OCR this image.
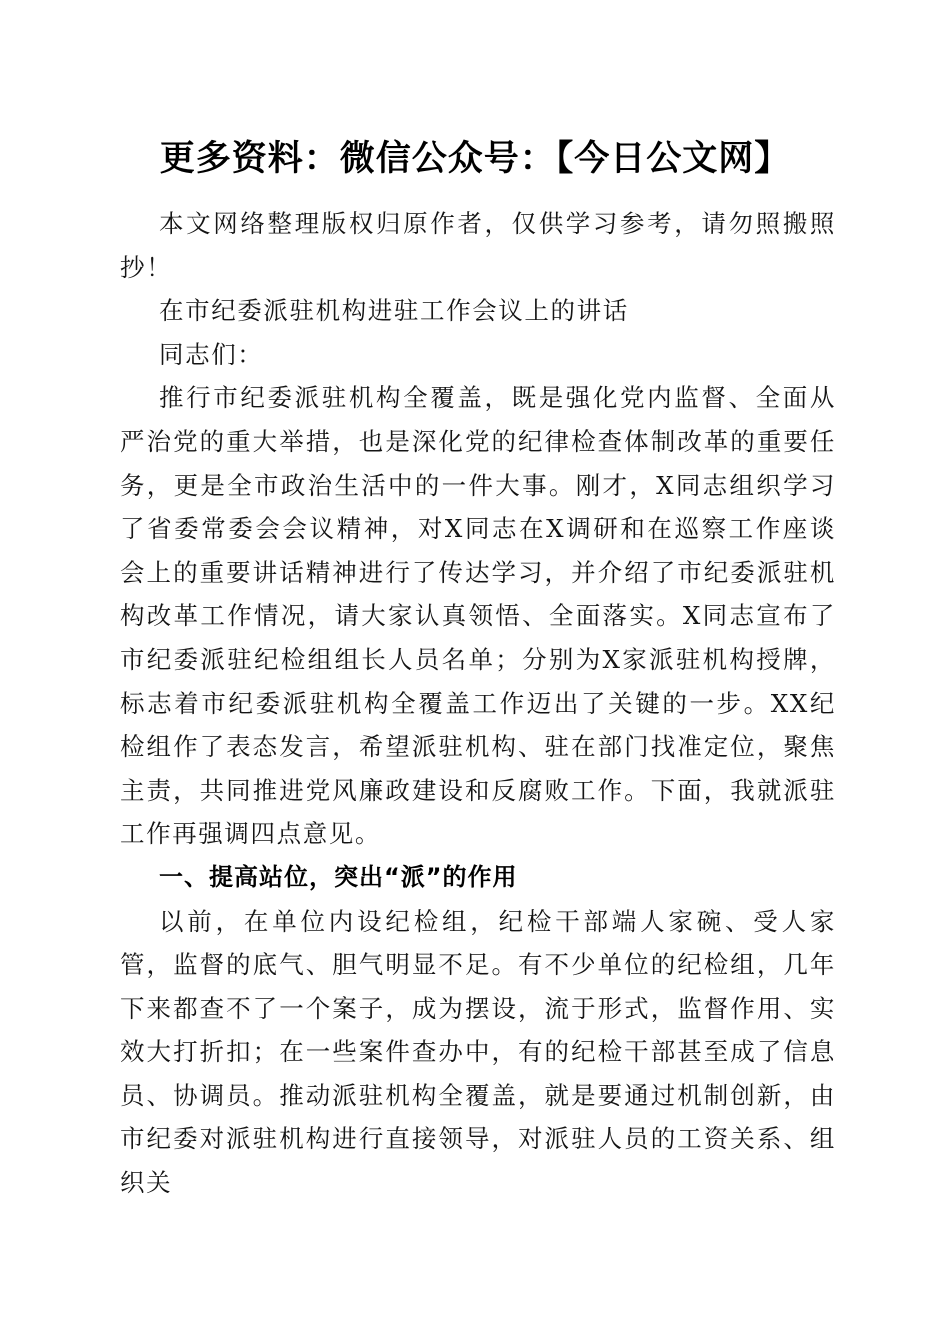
更多资料：微信公众号：【今日公文网】

本文网络整理版权归原作者，仅供学习参考，请勿照搬照抄！

在市纪委派驻机构进驻工作会议上的讲话

同志们：

推行市纪委派驻机构全覆盖，既是强化党内监督、全面从严治党的重大举措，也是深化党的纪律检查体制改革的重要任务，更是全市政治生活中的一件大事。刚才，X同志组织学习了省委常委会会议精神，对X同志在X调研和在巡察工作座谈会上的重要讲话精神进行了传达学习，并介绍了市纪委派驻机构改革工作情况，请大家认真领悟、全面落实。X同志宣布了市纪委派驻纪检组组长人员名单；分别为X家派驻机构授牌，标志着市纪委派驻机构全覆盖工作迈出了关键的一步。XX纪检组作了表态发言，希望派驻机构、驻在部门找准定位，聚焦主责，共同推进党风廉政建设和反腐败工作。下面，我就派驻工作再强调四点意见。

一、提高站位，突出“派”的作用

以前，在单位内设纪检组，纪检干部端人家碗、受人家管，监督的底气、胆气明显不足。有不少单位的纪检组，几年下来都查不了一个案子，成为摆设，流于形式，监督作用、实效大打折扣；在一些案件查办中，有的纪检干部甚至成了信息员、协调员。推动派驻机构全覆盖，就是要通过机制创新，由市纪委对派驻机构进行直接领导，对派驻人员的工资关系、组织关
